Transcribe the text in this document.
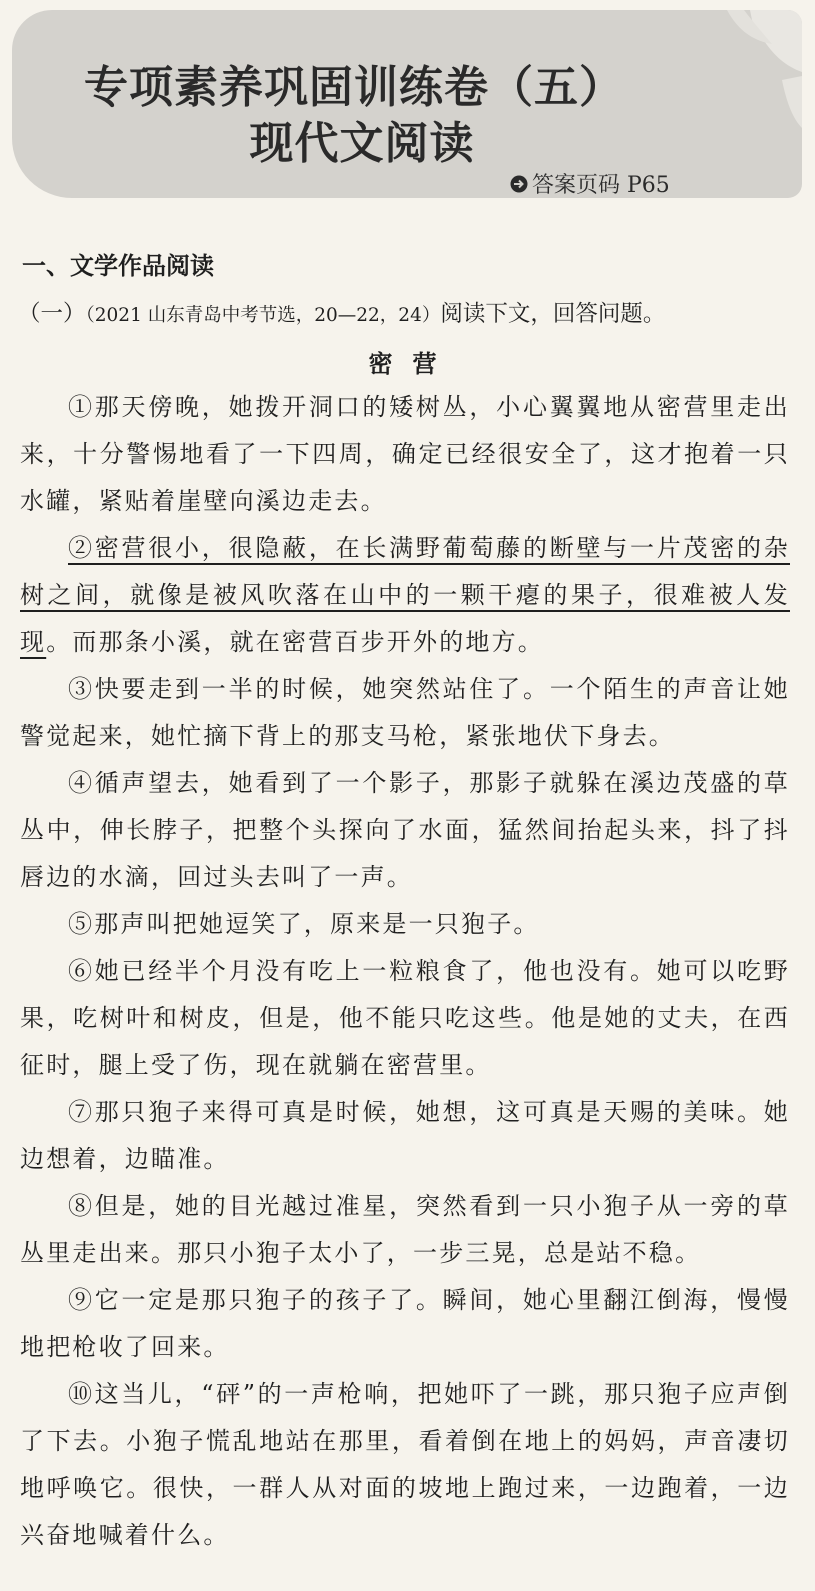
专项素养巩固训练卷（五）
现代文阅读
答案页码 P65
一、文学作品阅读
（一）（2021 山东青岛中考节选，20—22，24）阅读下文，回答问题。
密营

①那天傍晚，她拨开洞口的矮树丛，小心翼翼地从密营里走出来，十分警惕地看了一下四周，确定已经很安全了，这才抱着一只水罐，紧贴着崖壁向溪边走去。

②密营很小，很隐蔽，在长满野葡萄藤的断壁与一片茂密的杂树之间，就像是被风吹落在山中的一颗干瘪的果子，很难被人发现。而那条小溪，就在密营百步开外的地方。

③快要走到一半的时候，她突然站住了。一个陌生的声音让她警觉起来，她忙摘下背上的那支马枪，紧张地伏下身去。

④循声望去，她看到了一个影子，那影子就躲在溪边茂盛的草丛中，伸长脖子，把整个头探向了水面，猛然间抬起头来，抖了抖唇边的水滴，回过头去叫了一声。

⑤那声叫把她逗笑了，原来是一只狍子。

⑥她已经半个月没有吃上一粒粮食了，他也没有。她可以吃野果，吃树叶和树皮，但是，他不能只吃这些。他是她的丈夫，在西征时，腿上受了伤，现在就躺在密营里。

⑦那只狍子来得可真是时候，她想，这可真是天赐的美味。她边想着，边瞄准。

⑧但是，她的目光越过准星，突然看到一只小狍子从一旁的草丛里走出来。那只小狍子太小了，一步三晃，总是站不稳。

⑨它一定是那只狍子的孩子了。瞬间，她心里翻江倒海，慢慢地把枪收了回来。

⑩这当儿，“砰”的一声枪响，把她吓了一跳，那只狍子应声倒了下去。小狍子慌乱地站在那里，看着倒在地上的妈妈，声音凄切地呼唤它。很快，一群人从对面的坡地上跑过来，一边跑着，一边兴奋地喊着什么。
